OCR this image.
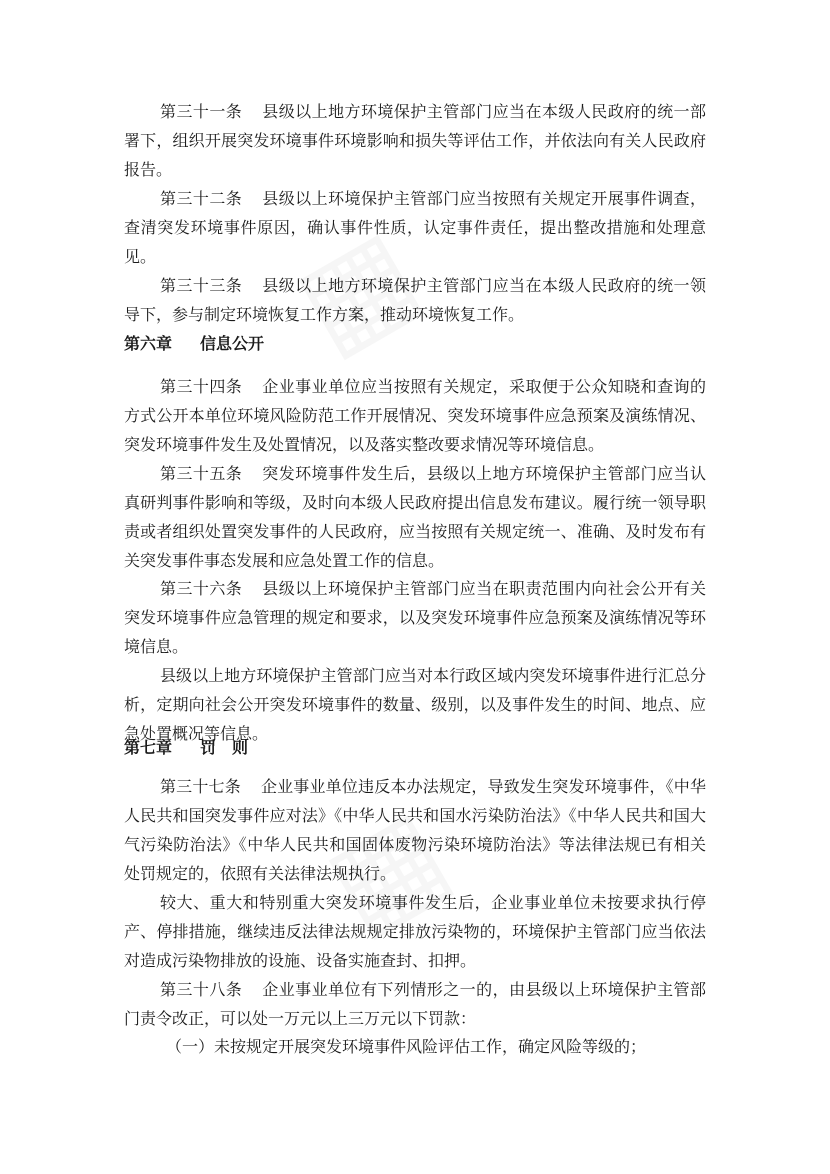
第三十一条 县级以上地方环境保护主管部门应当在本级人民政府的统一部署下，组织开展突发环境事件环境影响和损失等评估工作，并依法向有关人民政府报告。

第三十二条 县级以上环境保护主管部门应当按照有关规定开展事件调查，查清突发环境事件原因，确认事件性质，认定事件责任，提出整改措施和处理意见。

第三十三条 县级以上地方环境保护主管部门应当在本级人民政府的统一领导下，参与制定环境恢复工作方案，推动环境恢复工作。

第六章 信息公开

第三十四条 企业事业单位应当按照有关规定，采取便于公众知晓和查询的方式公开本单位环境风险防范工作开展情况、突发环境事件应急预案及演练情况、突发环境事件发生及处置情况，以及落实整改要求情况等环境信息。

第三十五条 突发环境事件发生后，县级以上地方环境保护主管部门应当认真研判事件影响和等级，及时向本级人民政府提出信息发布建议。履行统一领导职责或者组织处置突发事件的人民政府，应当按照有关规定统一、准确、及时发布有关突发事件事态发展和应急处置工作的信息。

第三十六条 县级以上环境保护主管部门应当在职责范围内向社会公开有关突发环境事件应急管理的规定和要求，以及突发环境事件应急预案及演练情况等环境信息。

县级以上地方环境保护主管部门应当对本行政区域内突发环境事件进行汇总分析，定期向社会公开突发环境事件的数量、级别，以及事件发生的时间、地点、应急处置概况等信息。

第七章 罚　则

第三十七条 企业事业单位违反本办法规定，导致发生突发环境事件，《中华人民共和国突发事件应对法》《中华人民共和国水污染防治法》《中华人民共和国大气污染防治法》《中华人民共和国固体废物污染环境防治法》等法律法规已有相关处罚规定的，依照有关法律法规执行。

较大、重大和特别重大突发环境事件发生后，企业事业单位未按要求执行停产、停排措施，继续违反法律法规规定排放污染物的，环境保护主管部门应当依法对造成污染物排放的设施、设备实施查封、扣押。

第三十八条 企业事业单位有下列情形之一的，由县级以上环境保护主管部门责令改正，可以处一万元以上三万元以下罚款：

（一）未按规定开展突发环境事件风险评估工作，确定风险等级的；
